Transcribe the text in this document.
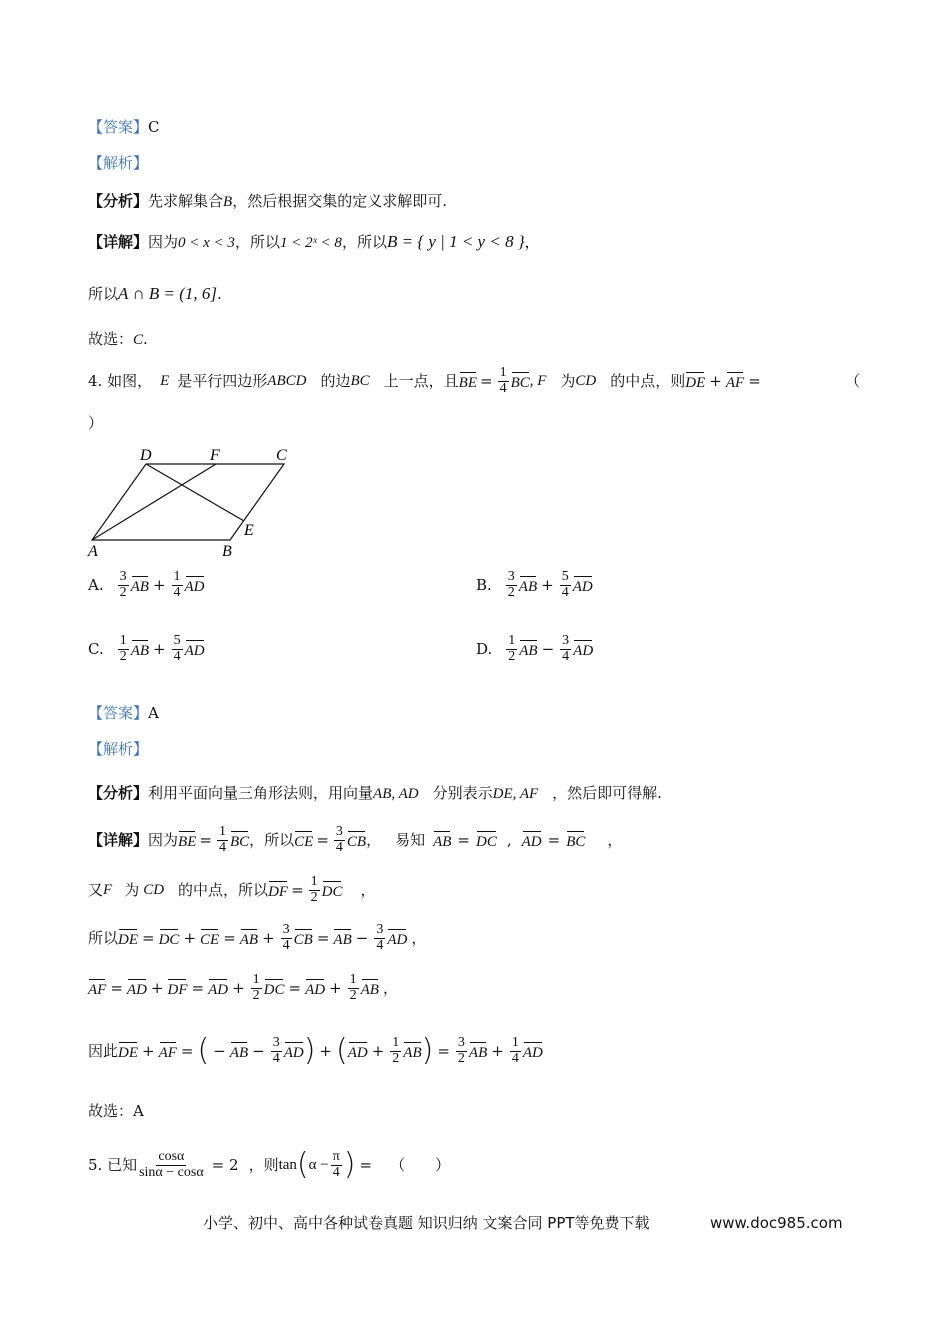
【答案】C
【解析】
【分析】先求解集合B，然后根据交集的定义求解即可.
【详解】因为0 < x < 3，所以1 < 2ˣ < 8，所以B = { y | 1 < y < 8 }，
所以A ∩ B = (1, 6].
故选：C.
4. 如图， E 是平行四边形 ABCD 的边 BC 上一点，且 BE = $\frac{1}{4}$ BC , F 为 CD 的中点，则 DE + AF =	（
）
D	F	C
E
A	B
A. $\frac{3}{2}$ AB + $\frac{1}{4}$ AD	B. $\frac{3}{2}$ AB + $\frac{5}{4}$ AD
C. $\frac{1}{2}$ AB + $\frac{5}{4}$ AD	D. $\frac{1}{2}$ AB − $\frac{3}{4}$ AD
【答案】A
【解析】
【分析】利用平面向量三角形法则，用向量AB, AD 分别表示DE, AF ，然后即可得解.
【详解】 因为 BE = $\frac{1}{4}$ BC ， 所以 CE = $\frac{3}{4}$ CB ， 易知 AB = DC , AD = BC ，
又 F 为 CD 的中点，所以 DF = $\frac{1}{2}$ DC ，
所以 DE = DC + CE = AB + $\frac{3}{4}$ CB = AB − $\frac{3}{4}$ AD ，
AF = AD + DF = AD + $\frac{1}{2}$ DC = AD + $\frac{1}{2}$ AB ，
因此 DE + AF = ( − AB − $\frac{3}{4}$ AD ) + ( AD + $\frac{1}{2}$ AB ) = $\frac{3}{2}$ AB + $\frac{1}{4}$ AD
故选：A
5. 已知 $\frac{\cos\alpha}{\sin\alpha - \cos\alpha} = 2$ ，则 tan ( $\alpha - \frac{\pi}{4}$ ) = （　　）
小学、初中、高中各种试卷真题 知识归纳 文案合同 PPT等免费下载	www.doc985.com
